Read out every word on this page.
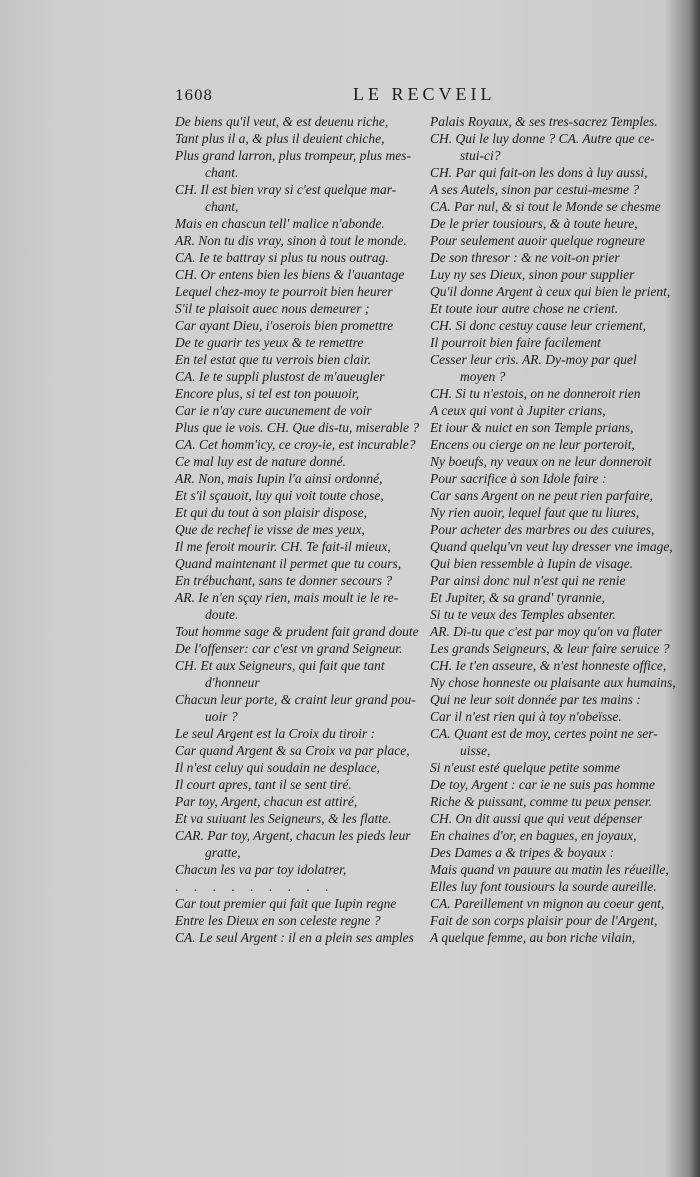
1608	LE RECVEIL
De biens qu'il veut, & est deuenu riche,
Tant plus il a, & plus il deuient chiche,
Plus grand larron, plus trompeur, plus mes-
chant.
CH. Il est bien vray si c'est quelque mar-
chant,
Mais en chascun tell' malice n'abonde.
AR. Non tu dis vray, sinon à tout le monde.
CA. Ie te battray si plus tu nous outrag.
CH. Or entens bien les biens & l'auantage
Lequel chez-moy te pourroit bien heurer
S'il te plaisoit auec nous demeurer ;
Car ayant Dieu, i'oserois bien promettre
De te guarir tes yeux & te remettre
En tel estat que tu verrois bien clair.
CA. Ie te suppli plustost de m'aueugler
Encore plus, si tel est ton pouuoir,
Car ie n'ay cure aucunement de voir
Plus que ie vois. CH. Que dis-tu, miserable ?
CA. Cet homm'icy, ce croy-ie, est incurable?
Ce mal luy est de nature donné.
AR. Non, mais Iupin l'a ainsi ordonné,
Et s'il sçauoit, luy qui voit toute chose,
Et qui du tout à son plaisir dispose,
Que de rechef ie visse de mes yeux,
Il me feroit mourir. CH. Te fait-il mieux,
Quand maintenant il permet que tu cours,
En trébuchant, sans te donner secours ?
AR. Ie n'en sçay rien, mais moult ie le re-
doute.
Tout homme sage & prudent fait grand doute
De l'offenser: car c'est vn grand Seigneur.
CH. Et aux Seigneurs, qui fait que tant
d'honneur
Chacun leur porte, & craint leur grand pou-
uoir ?
Le seul Argent est la Croix du tiroir :
Car quand Argent & sa Croix va par place,
Il n'est celuy qui soudain ne desplace,
Il court apres, tant il se sent tiré.
Par toy, Argent, chacun est attiré,
Et va suiuant les Seigneurs, & les flatte.
CAR. Par toy, Argent, chacun les pieds leur
gratte,
Chacun les va par toy idolatrer,
. . . . . . . . .
Car tout premier qui fait que Iupin regne
Entre les Dieux en son celeste regne ?
CA. Le seul Argent : il en a plein ses amples
Palais Royaux, & ses tres-sacrez Temples.
CH. Qui le luy donne ? CA. Autre que ce-
stui-ci?
CH. Par qui fait-on les dons à luy aussi,
A ses Autels, sinon par cestui-mesme ?
CA. Par nul, & si tout le Monde se chesme
De le prier tousiours, & à toute heure,
Pour seulement auoir quelque rogneure
De son thresor : & ne voit-on prier
Luy ny ses Dieux, sinon pour supplier
Qu'il donne Argent à ceux qui bien le prient,
Et toute iour autre chose ne crient.
CH. Si donc cestuy cause leur criement,
Il pourroit bien faire facilement
Cesser leur cris. AR. Dy-moy par quel
moyen ?
CH. Si tu n'estois, on ne donneroit rien
A ceux qui vont à Jupiter crians,
Et iour & nuict en son Temple prians,
Encens ou cierge on ne leur porteroit,
Ny boeufs, ny veaux on ne leur donneroit
Pour sacrifice à son Idole faire :
Car sans Argent on ne peut rien parfaire,
Ny rien auoir, lequel faut que tu liures,
Pour acheter des marbres ou des cuiures,
Quand quelqu'vn veut luy dresser vne image,
Qui bien ressemble à Iupin de visage.
Par ainsi donc nul n'est qui ne renie
Et Jupiter, & sa grand' tyrannie,
Si tu te veux des Temples absenter.
AR. Di-tu que c'est par moy qu'on va flater
Les grands Seigneurs, & leur faire seruice ?
CH. Ie t'en asseure, & n'est honneste office,
Ny chose honneste ou plaisante aux humains,
Qui ne leur soit donnée par tes mains :
Car il n'est rien qui à toy n'obeïsse.
CA. Quant est de moy, certes point ne ser-
uisse,
Si n'eust esté quelque petite somme
De toy, Argent : car ie ne suis pas homme
Riche & puissant, comme tu peux penser.
CH. On dit aussi que qui veut dépenser
En chaines d'or, en bagues, en joyaux,
Des Dames a & tripes & boyaux :
Mais quand vn pauure au matin les réueille,
Elles luy font tousiours la sourde aureille.
CA. Pareillement vn mignon au coeur gent,
Fait de son corps plaisir pour de l'Argent,
A quelque femme, au bon riche vilain,
